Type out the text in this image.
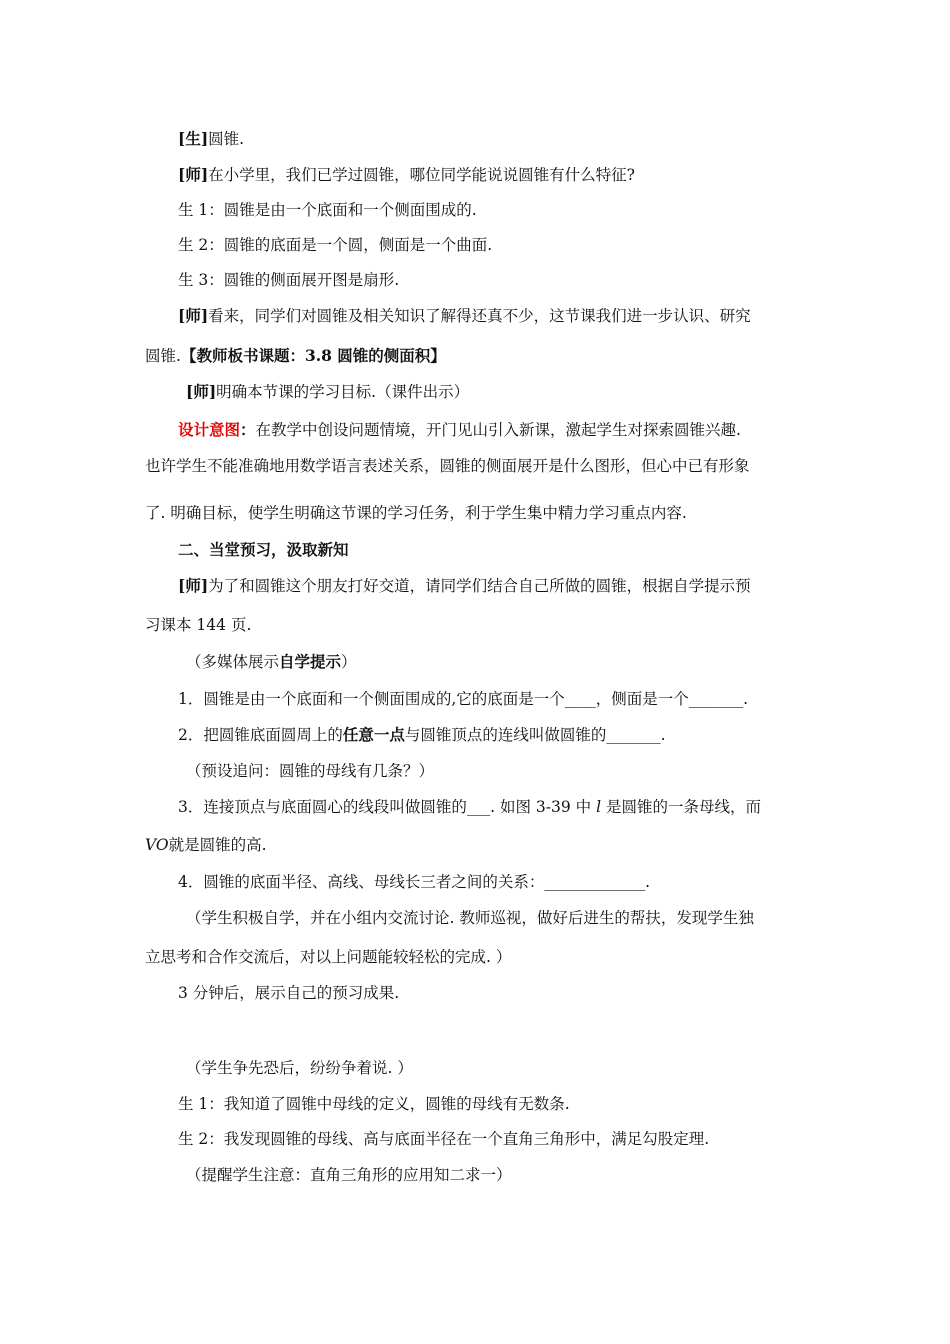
[生]圆锥.
[师]在小学里，我们已学过圆锥，哪位同学能说说圆锥有什么特征?
生 1：圆锥是由一个底面和一个侧面围成的.
生 2：圆锥的底面是一个圆，侧面是一个曲面.
生 3：圆锥的侧面展开图是扇形.
[师]看来，同学们对圆锥及相关知识了解得还真不少，这节课我们进一步认识、研究
圆锥.【教师板书课题：3.8 圆锥的侧面积】
[师]明确本节课的学习目标.（课件出示）
设计意图：在教学中创设问题情境，开门见山引入新课，激起学生对探索圆锥兴趣.
也许学生不能准确地用数学语言表述关系，圆锥的侧面展开是什么图形，但心中已有形象
了. 明确目标，使学生明确这节课的学习任务，利于学生集中精力学习重点内容.
二、当堂预习，汲取新知
[师]为了和圆锥这个朋友打好交道，请同学们结合自己所做的圆锥，根据自学提示预
习课本 144 页.
（多媒体展示自学提示）
1．圆锥是由一个底面和一个侧面围成的,它的底面是一个____，侧面是一个_______.
2．把圆锥底面圆周上的任意一点与圆锥顶点的连线叫做圆锥的_______.
（预设追问：圆锥的母线有几条？）
3．连接顶点与底面圆心的线段叫做圆锥的___. 如图 3-39 中 l 是圆锥的一条母线，而
VO就是圆锥的高.
4．圆锥的底面半径、高线、母线长三者之间的关系：_____________.
（学生积极自学，并在小组内交流讨论. 教师巡视，做好后进生的帮扶，发现学生独
立思考和合作交流后，对以上问题能较轻松的完成. ）
3 分钟后，展示自己的预习成果.
（学生争先恐后，纷纷争着说. ）
生 1：我知道了圆锥中母线的定义，圆锥的母线有无数条.
生 2：我发现圆锥的母线、高与底面半径在一个直角三角形中，满足勾股定理.
（提醒学生注意：直角三角形的应用知二求一）
